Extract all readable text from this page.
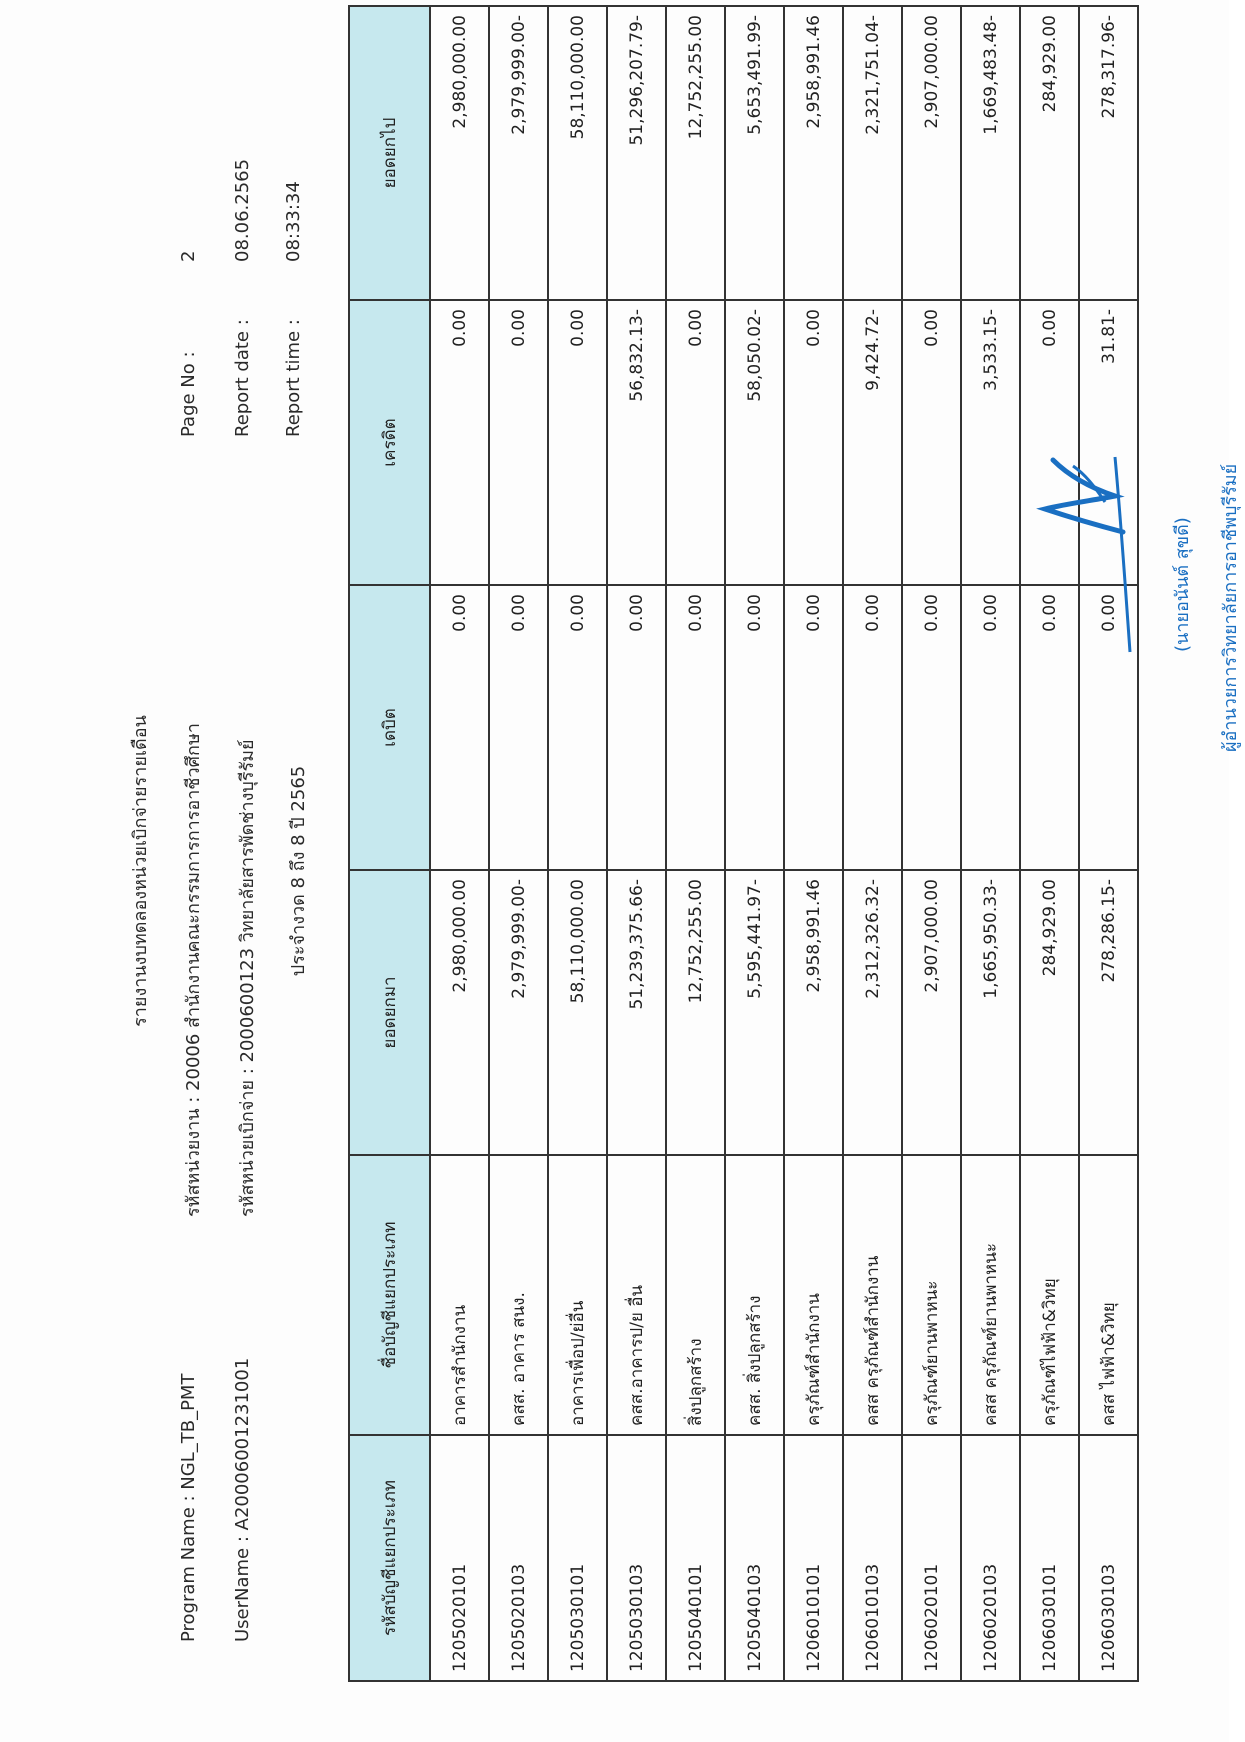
Program Name : NGL_TB_PMT UserName : A20006001231001
รายงานงบทดลองหน่วยเบิกจ่ายรายเดือน รหัสหน่วยงาน : 20006 สำนักงานคณะกรรมการการอาชีวศึกษา รหัสหน่วยเบิกจ่าย : 2000600123 วิทยาลัยสารพัดช่างบุรีรัมย์ ประจำงวด 8 ถึง 8 ปี 2565
Page No :
2
Report date :
08.06.2565
Report time :
08:33:34
รหัสบัญชีแยกประเภท	ชื่อบัญชีแยกประเภท	ยอดยกมา	เดบิต	เครดิต	ยอดยกไป
1205020101	อาคารสำนักงาน	2,980,000.00	0.00	0.00	2,980,000.00
1205020103	คสส. อาคาร สนง.	2,979,999.00-	0.00	0.00	2,979,999.00-
1205030101	อาคารเพื่อป/ย่อื่น	58,110,000.00	0.00	0.00	58,110,000.00
1205030103	คสส.อาคารป/ย อื่น	51,239,375.66-	0.00	56,832.13-	51,296,207.79-
1205040101	สิ่งปลูกสร้าง	12,752,255.00	0.00	0.00	12,752,255.00
1205040103	คสส. สิ่งปลูกสร้าง	5,595,441.97-	0.00	58,050.02-	5,653,491.99-
1206010101	ครุภัณฑ์สำนักงาน	2,958,991.46	0.00	0.00	2,958,991.46
1206010103	คสส ครุภัณฑ์สำนักงาน	2,312,326.32-	0.00	9,424.72-	2,321,751.04-
1206020101	ครุภัณฑ์ยานพาหนะ	2,907,000.00	0.00	0.00	2,907,000.00
1206020103	คสส ครุภัณฑ์ยานพาหนะ	1,665,950.33-	0.00	3,533.15-	1,669,483.48-
1206030101	ครุภัณฑ์ไฟฟ้า&วิทยุ	284,929.00	0.00	0.00	284,929.00
1206030103	คสส ไฟฟ้า&วิทยุ	278,286.15-	0.00	31.81-	278,317.96-
(นายอนันต์ สุขดี) ผู้อำนวยการวิทยาลัยการอาชีพบุรีรัมย์
